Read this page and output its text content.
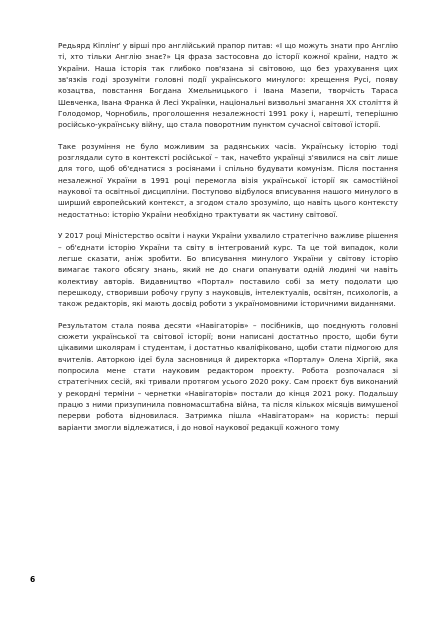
Редьярд Кіплінґ у вірші про англійський прапор питав: «І що можуть знати про Англію ті, хто тільки Англію знає?» Ця фраза застосовна до історії кожної країни, надто ж України. Наша історія так глибоко пов'язана зі світовою, що без урахування цих зв'язків годі зрозуміти головні події українського минулого: хрещення Русі, появу козацтва, повстання Богдана Хмельницького і Івана Мазепи, творчість Тараса Шевченка, Івана Франка й Лесі Українки, національні визвольні змагання ХХ століття й Голодомор, Чорнобиль, проголошення незалежності 1991 року і, нарешті, теперішню російсько-українську війну, що стала поворотним пунктом сучасної світової історії.

Таке розуміння не було можливим за радянських часів. Українську історію тоді розглядали суто в контексті російської – так, начебто українці з'явилися на світ лише для того, щоб об'єднатися з росіянами і спільно будувати комунізм. Після постання незалежної України в 1991 році перемогла візія української історії як самостійної наукової та освітньої дисципліни. Поступово відбулося вписування нашого минулого в ширший європейський контекст, а згодом стало зрозуміло, що навіть цього контексту недостатньо: історію України необхідно трактувати як частину світової.

У 2017 році Міністерство освіти і науки України ухвалило стратегічно важливе рішення – об'єднати історію України та світу в інтегрований курс. Та це той випадок, коли легше сказати, аніж зробити. Бо вписування минулого України у світову історію вимагає такого обсягу знань, який не до снаги опанувати одній людині чи навіть колективу авторів. Видавництво «Портал» поставило собі за мету подолати цю перешкоду, створивши робочу групу з науковців, інтелектуалів, освітян, психологів, а також редакторів, які мають досвід роботи з україномовними історичними виданнями.

Результатом стала поява десяти «Навігаторів» – посібників, що поєднують головні сюжети української та світової історії; вони написані достатньо просто, щоби бути цікавими школярам і студентам, і достатньо кваліфіковано, щоби стати підмогою для вчителів. Авторкою ідеї була засновниця й директорка «Порталу» Олена Хіргій, яка попросила мене стати науковим редактором проєкту. Робота розпочалася зі стратегічних сесій, які тривали протягом усього 2020 року. Сам проєкт був виконаний у рекордні терміни – чернетки «Навігаторів» постали до кінця 2021 року. Подальшу працю з ними призупинила повномасштабна війна, та після кількох місяців вимушеної перерви робота відновилася. Затримка пішла «Навігаторам» на користь: перші варіанти змогли відлежатися, і до нової наукової редакції кожного тому

6
